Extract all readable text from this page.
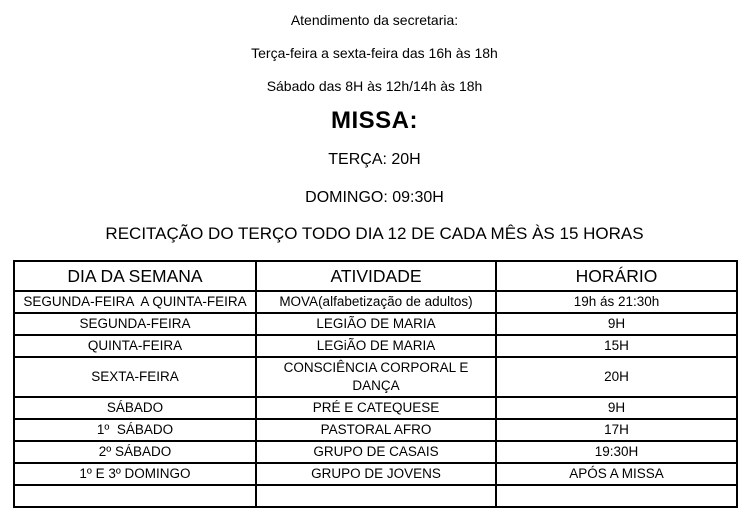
Atendimento da secretaria:

Terça-feira a sexta-feira das 16h às 18h

Sábado das 8H às 12h/14h às 18h

MISSA:

TERÇA: 20H

DOMINGO: 09:30H

RECITAÇÃO DO TERÇO TODO DIA 12 DE CADA MÊS ÀS 15 HORAS

DIA DA SEMANA	ATIVIDADE	HORÁRIO
SEGUNDA-FEIRA  A QUINTA-FEIRA	MOVA(alfabetização de adultos)	19h ás 21:30h
SEGUNDA-FEIRA	LEGIÃO DE MARIA	9H
QUINTA-FEIRA	LEGiÃO DE MARIA	15H
SEXTA-FEIRA	CONSCIÊNCIA CORPORAL E DANÇA	20H
SÁBADO	PRÉ E CATEQUESE	9H
1º  SÁBADO	PASTORAL AFRO	17H
2º SÁBADO	GRUPO DE CASAIS	19:30H
1º E 3º DOMINGO	GRUPO DE JOVENS	APÓS A MISSA
